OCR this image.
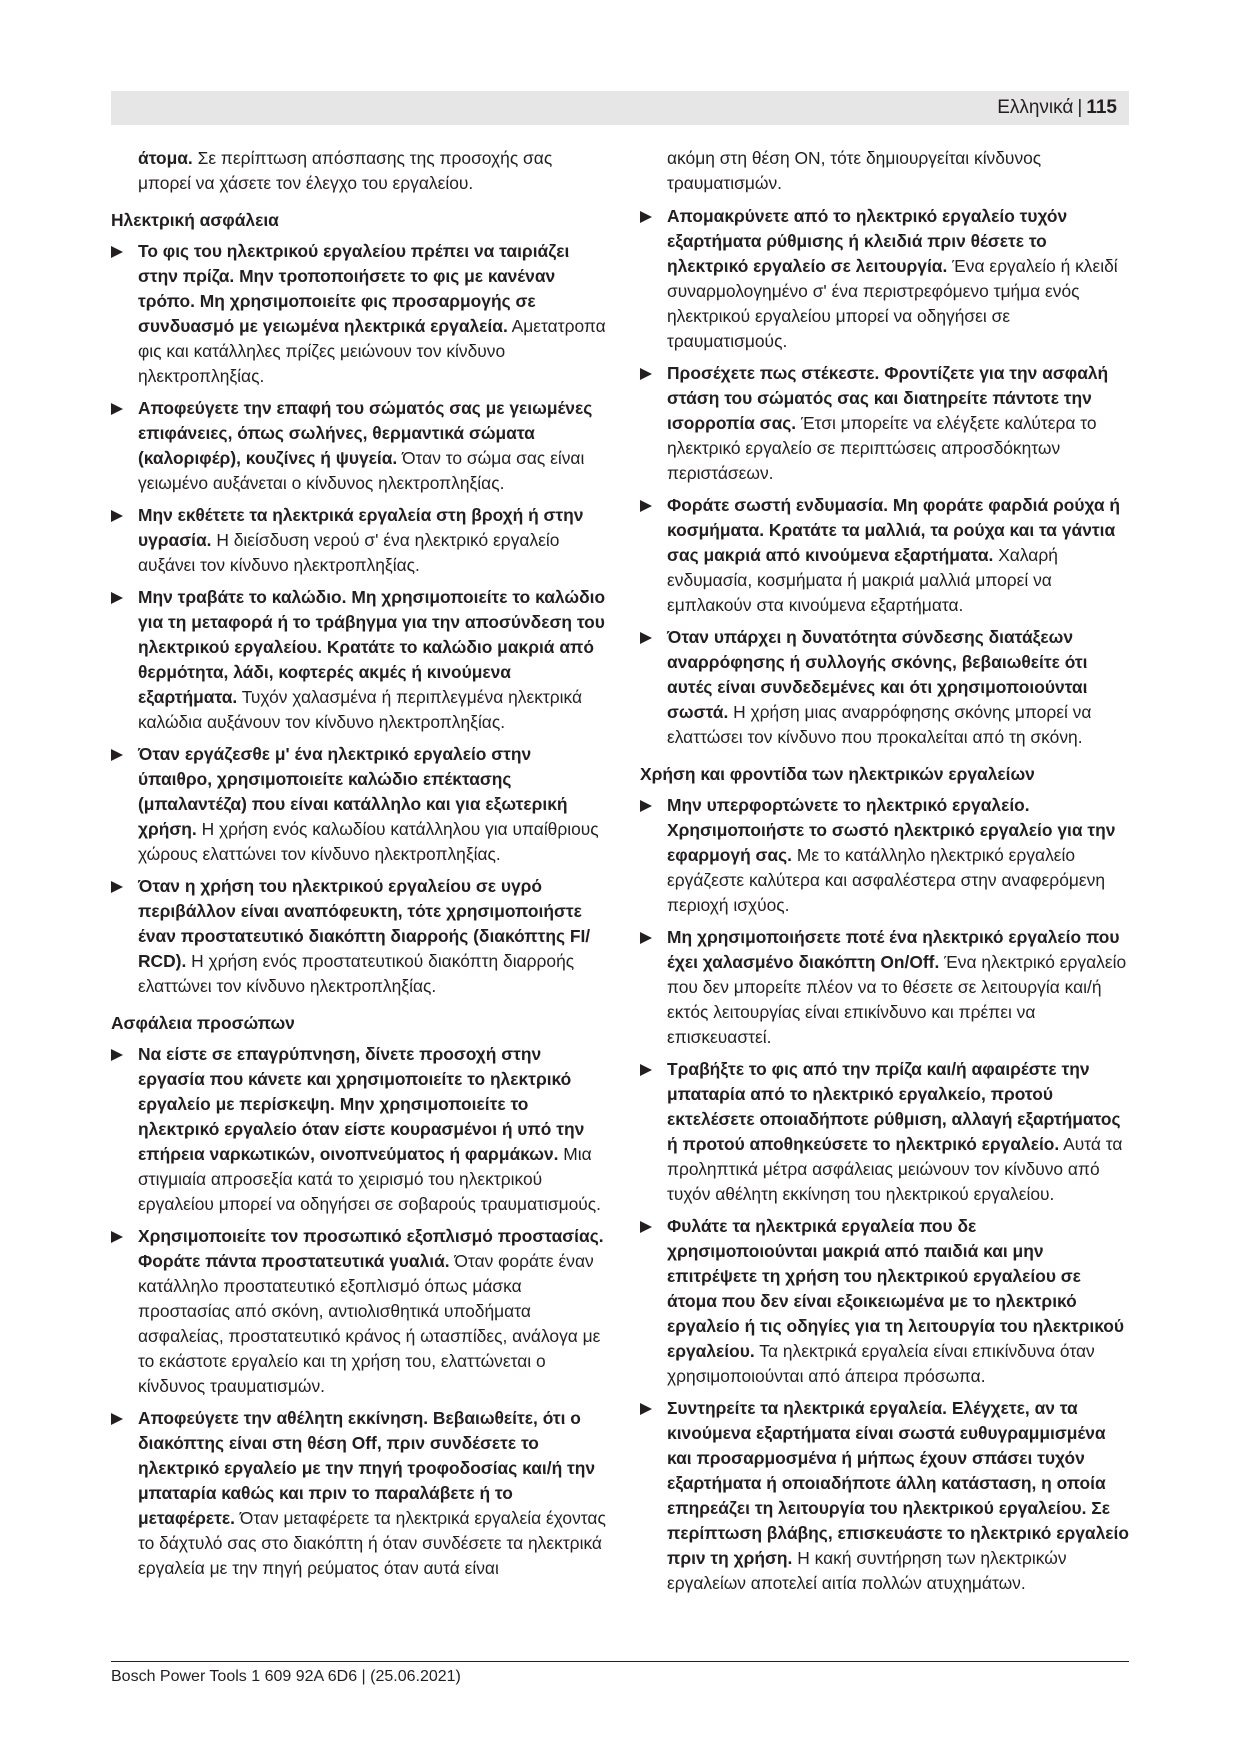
Ελληνικά | 115
άτομα. Σε περίπτωση απόσπασης της προσοχής σας μπορεί να χάσετε τον έλεγχο του εργαλείου.
Ηλεκτρική ασφάλεια
Το φις του ηλεκτρικού εργαλείου πρέπει να ταιριάζει στην πρίζα. Μην τροποποιήσετε το φις με κανέναν τρόπο. Μη χρησιμοποιείτε φις προσαρμογής σε συνδυασμό με γειωμένα ηλεκτρικά εργαλεία. Αμετατροπα φις και κατάλληλες πρίζες μειώνουν τον κίνδυνο ηλεκτροπληξίας.
Αποφεύγετε την επαφή του σώματός σας με γειωμένες επιφάνειες, όπως σωλήνες, θερμαντικά σώματα (καλοριφέρ), κουζίνες ή ψυγεία. Όταν το σώμα σας είναι γειωμένο αυξάνεται ο κίνδυνος ηλεκτροπληξίας.
Μην εκθέτετε τα ηλεκτρικά εργαλεία στη βροχή ή στην υγρασία. Η διείσδυση νερού σ' ένα ηλεκτρικό εργαλείο αυξάνει τον κίνδυνο ηλεκτροπληξίας.
Μην τραβάτε το καλώδιο. Μη χρησιμοποιείτε το καλώδιο για τη μεταφορά ή το τράβηγμα για την αποσύνδεση του ηλεκτρικού εργαλείου. Κρατάτε το καλώδιο μακριά από θερμότητα, λάδι, κοφτερές ακμές ή κινούμενα εξαρτήματα. Τυχόν χαλασμένα ή περιπλεγμένα ηλεκτρικά καλώδια αυξάνουν τον κίνδυνο ηλεκτροπληξίας.
Όταν εργάζεσθε μ' ένα ηλεκτρικό εργαλείο στην ύπαιθρο, χρησιμοποιείτε καλώδιο επέκτασης (μπαλαντέζα) που είναι κατάλληλο και για εξωτερική χρήση. Η χρήση ενός καλωδίου κατάλληλου για υπαίθριους χώρους ελαττώνει τον κίνδυνο ηλεκτροπληξίας.
Όταν η χρήση του ηλεκτρικού εργαλείου σε υγρό περιβάλλον είναι αναπόφευκτη, τότε χρησιμοποιήστε έναν προστατευτικό διακόπτη διαρροής (διακόπτης FI/ RCD). Η χρήση ενός προστατευτικού διακόπτη διαρροής ελαττώνει τον κίνδυνο ηλεκτροπληξίας.
Ασφάλεια προσώπων
Να είστε σε επαγρύπνηση, δίνετε προσοχή στην εργασία που κάνετε και χρησιμοποιείτε το ηλεκτρικό εργαλείο με περίσκεψη. Μην χρησιμοποιείτε το ηλεκτρικό εργαλείο όταν είστε κουρασμένοι ή υπό την επήρεια ναρκωτικών, οινοπνεύματος ή φαρμάκων. Μια στιγμιαία απροσεξία κατά το χειρισμό του ηλεκτρικού εργαλείου μπορεί να οδηγήσει σε σοβαρούς τραυματισμούς.
Χρησιμοποιείτε τον προσωπικό εξοπλισμό προστασίας. Φοράτε πάντα προστατευτικά γυαλιά. Όταν φοράτε έναν κατάλληλο προστατευτικό εξοπλισμό όπως μάσκα προστασίας από σκόνη, αντιολισθητικά υποδήματα ασφαλείας, προστατευτικό κράνος ή ωτασπίδες, ανάλογα με το εκάστοτε εργαλείο και τη χρήση του, ελαττώνεται ο κίνδυνος τραυματισμών.
Αποφεύγετε την αθέλητη εκκίνηση. Βεβαιωθείτε, ότι ο διακόπτης είναι στη θέση Off, πριν συνδέσετε το ηλεκτρικό εργαλείο με την πηγή τροφοδοσίας και/ή την μπαταρία καθώς και πριν το παραλάβετε ή το μεταφέρετε. Όταν μεταφέρετε τα ηλεκτρικά εργαλεία έχοντας το δάχτυλό σας στο διακόπτη ή όταν συνδέσετε τα ηλεκτρικά εργαλεία με την πηγή ρεύματος όταν αυτά είναι
ακόμη στη θέση ON, τότε δημιουργείται κίνδυνος τραυματισμών.
Απομακρύνετε από το ηλεκτρικό εργαλείο τυχόν εξαρτήματα ρύθμισης ή κλειδιά πριν θέσετε το ηλεκτρικό εργαλείο σε λειτουργία. Ένα εργαλείο ή κλειδί συναρμολογημένο σ' ένα περιστρεφόμενο τμήμα ενός ηλεκτρικού εργαλείου μπορεί να οδηγήσει σε τραυματισμούς.
Προσέχετε πως στέκεστε. Φροντίζετε για την ασφαλή στάση του σώματός σας και διατηρείτε πάντοτε την ισορροπία σας. Έτσι μπορείτε να ελέγξετε καλύτερα το ηλεκτρικό εργαλείο σε περιπτώσεις απροσδόκητων περιστάσεων.
Φοράτε σωστή ενδυμασία. Μη φοράτε φαρδιά ρούχα ή κοσμήματα. Κρατάτε τα μαλλιά, τα ρούχα και τα γάντια σας μακριά από κινούμενα εξαρτήματα. Χαλαρή ενδυμασία, κοσμήματα ή μακριά μαλλιά μπορεί να εμπλακούν στα κινούμενα εξαρτήματα.
Όταν υπάρχει η δυνατότητα σύνδεσης διατάξεων αναρρόφησης ή συλλογής σκόνης, βεβαιωθείτε ότι αυτές είναι συνδεδεμένες και ότι χρησιμοποιούνται σωστά. Η χρήση μιας αναρρόφησης σκόνης μπορεί να ελαττώσει τον κίνδυνο που προκαλείται από τη σκόνη.
Χρήση και φροντίδα των ηλεκτρικών εργαλείων
Μην υπερφορτώνετε το ηλεκτρικό εργαλείο. Χρησιμοποιήστε το σωστό ηλεκτρικό εργαλείο για την εφαρμογή σας. Με το κατάλληλο ηλεκτρικό εργαλείο εργάζεστε καλύτερα και ασφαλέστερα στην αναφερόμενη περιοχή ισχύος.
Μη χρησιμοποιήσετε ποτέ ένα ηλεκτρικό εργαλείο που έχει χαλασμένο διακόπτη On/Off. Ένα ηλεκτρικό εργαλείο που δεν μπορείτε πλέον να το θέσετε σε λειτουργία και/ή εκτός λειτουργίας είναι επικίνδυνο και πρέπει να επισκευαστεί.
Τραβήξτε το φις από την πρίζα και/ή αφαιρέστε την μπαταρία από το ηλεκτρικό εργαλκείο, προτού εκτελέσετε οποιαδήποτε ρύθμιση, αλλαγή εξαρτήματος ή προτού αποθηκεύσετε το ηλεκτρικό εργαλείο. Αυτά τα προληπτικά μέτρα ασφάλειας μειώνουν τον κίνδυνο από τυχόν αθέλητη εκκίνηση του ηλεκτρικού εργαλείου.
Φυλάτε τα ηλεκτρικά εργαλεία που δε χρησιμοποιούνται μακριά από παιδιά και μην επιτρέψετε τη χρήση του ηλεκτρικού εργαλείου σε άτομα που δεν είναι εξοικειωμένα με το ηλεκτρικό εργαλείο ή τις οδηγίες για τη λειτουργία του ηλεκτρικού εργαλείου. Τα ηλεκτρικά εργαλεία είναι επικίνδυνα όταν χρησιμοποιούνται από άπειρα πρόσωπα.
Συντηρείτε τα ηλεκτρικά εργαλεία. Ελέγχετε, αν τα κινούμενα εξαρτήματα είναι σωστά ευθυγραμμισμένα και προσαρμοσμένα ή μήπως έχουν σπάσει τυχόν εξαρτήματα ή οποιαδήποτε άλλη κατάσταση, η οποία επηρεάζει τη λειτουργία του ηλεκτρικού εργαλείου. Σε περίπτωση βλάβης, επισκευάστε το ηλεκτρικό εργαλείο πριν τη χρήση. Η κακή συντήρηση των ηλεκτρικών εργαλείων αποτελεί αιτία πολλών ατυχημάτων.
Bosch Power Tools 1 609 92A 6D6 | (25.06.2021)
